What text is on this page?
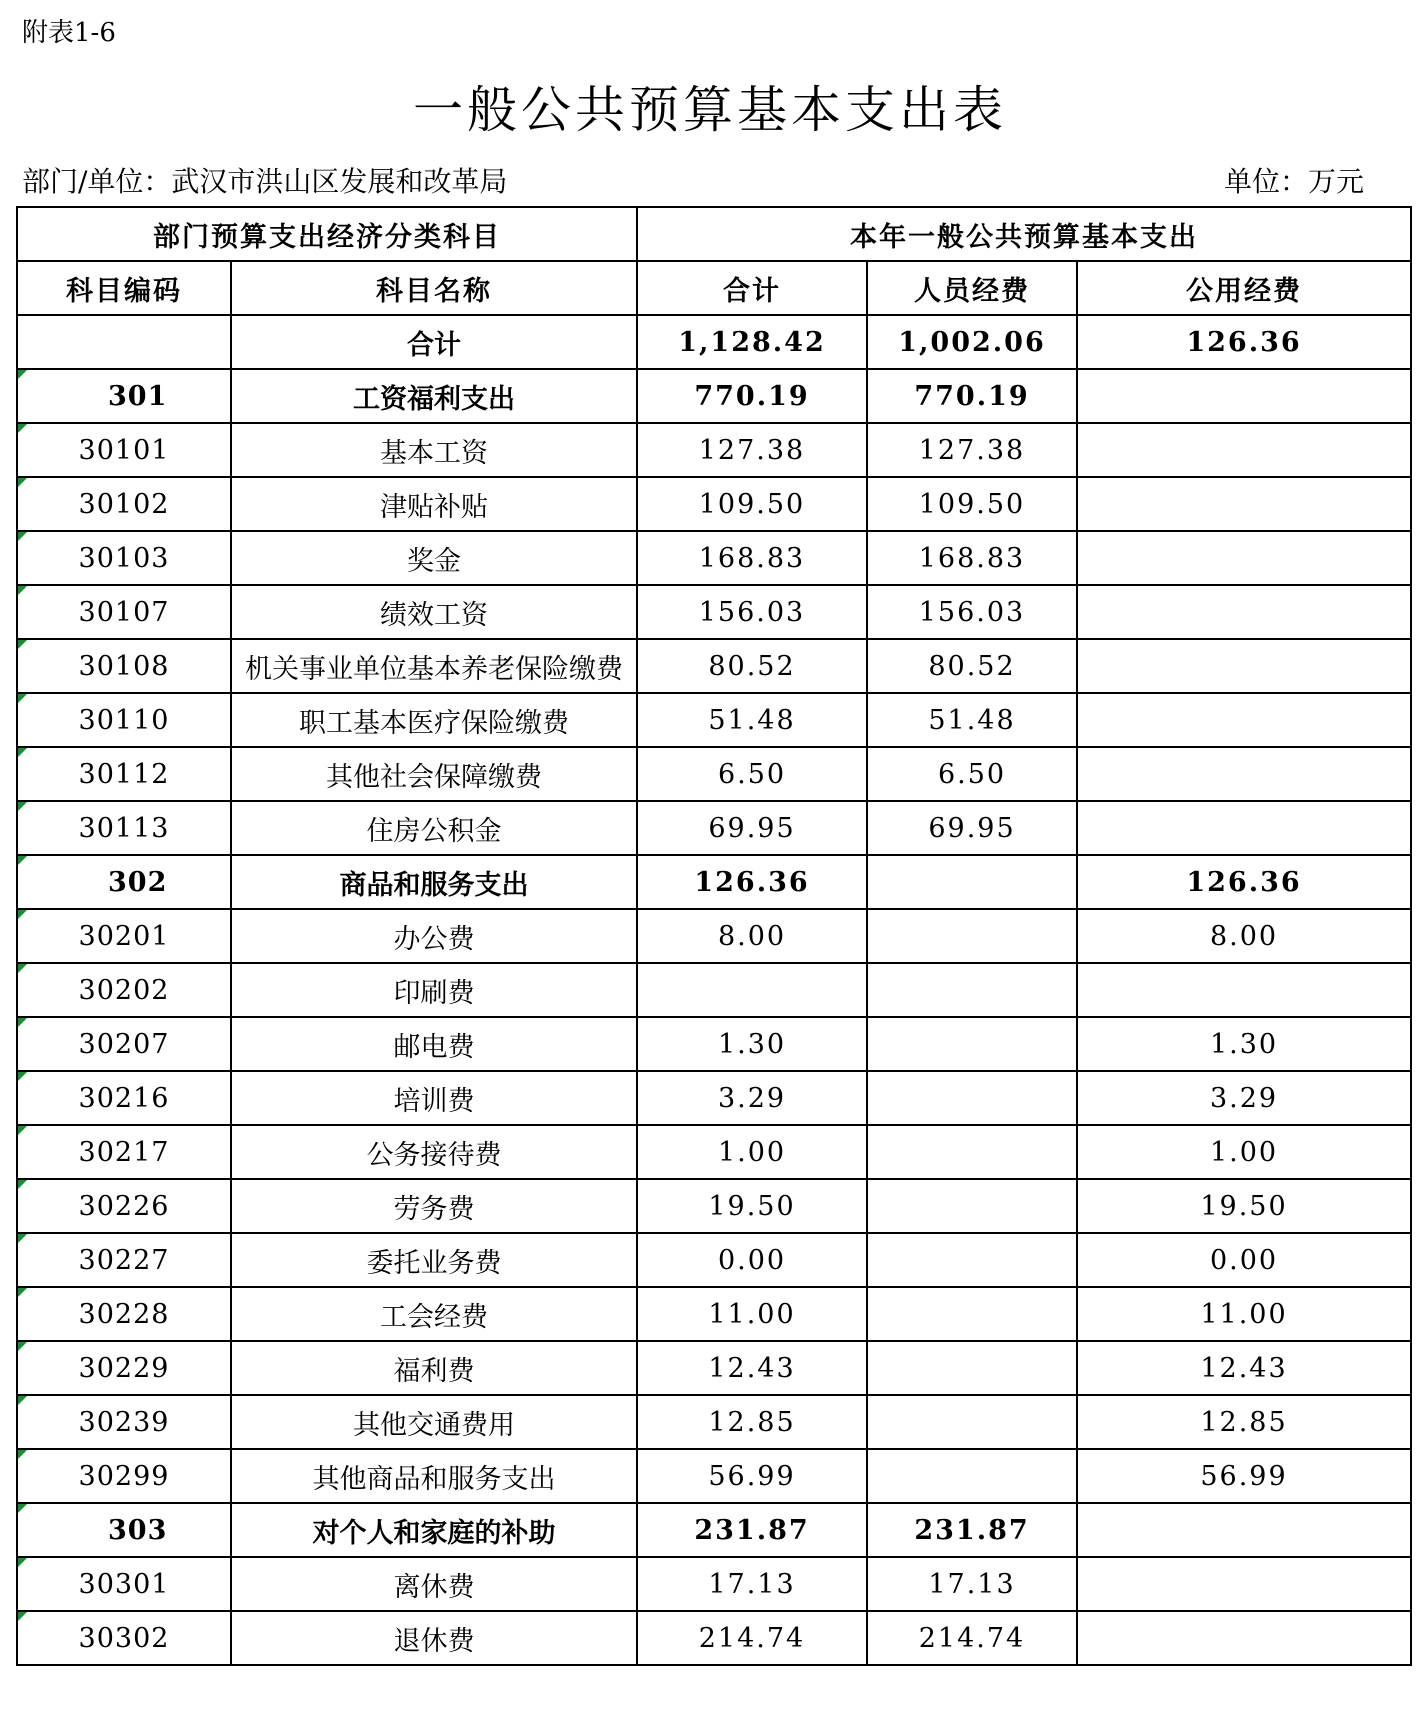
附表1-6
一般公共预算基本支出表
部门/单位：武汉市洪山区发展和改革局	单位：万元
部门预算支出经济分类科目		本年一般公共预算基本支出		
科目编码	科目名称	合计	人员经费	公用经费
	合计	1,128.42	1,002.06	126.36
301	工资福利支出	770.19	770.19	
30101	基本工资	127.38	127.38	
30102	津贴补贴	109.50	109.50	
30103	奖金	168.83	168.83	
30107	绩效工资	156.03	156.03	
30108	机关事业单位基本养老保险缴费	80.52	80.52	
30110	职工基本医疗保险缴费	51.48	51.48	
30112	其他社会保障缴费	6.50	6.50	
30113	住房公积金	69.95	69.95	
302	商品和服务支出	126.36		126.36
30201	办公费	8.00		8.00
30202	印刷费			
30207	邮电费	1.30		1.30
30216	培训费	3.29		3.29
30217	公务接待费	1.00		1.00
30226	劳务费	19.50		19.50
30227	委托业务费	0.00		0.00
30228	工会经费	11.00		11.00
30229	福利费	12.43		12.43
30239	其他交通费用	12.85		12.85
30299	其他商品和服务支出	56.99		56.99
303	对个人和家庭的补助	231.87	231.87	
30301	离休费	17.13	17.13	
30302	退休费	214.74	214.74	
